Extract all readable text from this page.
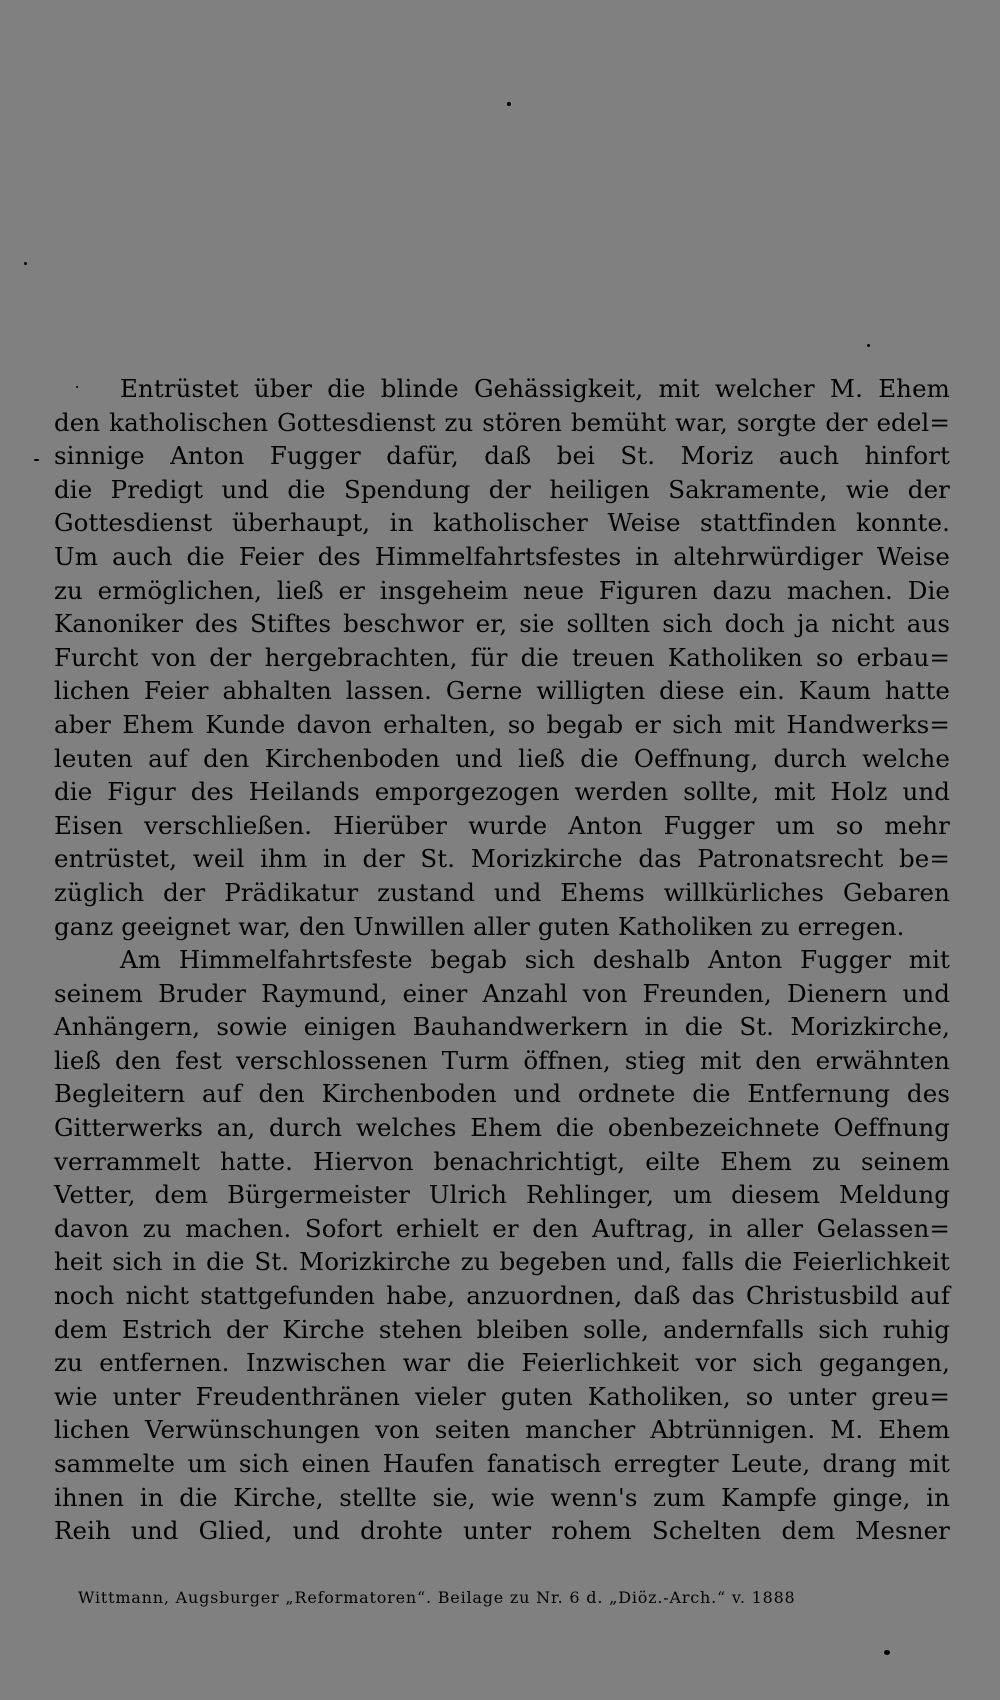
Entrüstet über die blinde Gehässigkeit, mit welcher M. Ehem
den katholischen Gottesdienst zu stören bemüht war, sorgte der edel=
sinnige Anton Fugger dafür, daß bei St. Moriz auch hinfort
die Predigt und die Spendung der heiligen Sakramente, wie der
Gottesdienst überhaupt, in katholischer Weise stattfinden konnte.
Um auch die Feier des Himmelfahrtsfestes in altehrwürdiger Weise
zu ermöglichen, ließ er insgeheim neue Figuren dazu machen. Die
Kanoniker des Stiftes beschwor er, sie sollten sich doch ja nicht aus
Furcht von der hergebrachten, für die treuen Katholiken so erbau=
lichen Feier abhalten lassen. Gerne willigten diese ein. Kaum hatte
aber Ehem Kunde davon erhalten, so begab er sich mit Handwerks=
leuten auf den Kirchenboden und ließ die Oeffnung, durch welche
die Figur des Heilands emporgezogen werden sollte, mit Holz und
Eisen verschließen. Hierüber wurde Anton Fugger um so mehr
entrüstet, weil ihm in der St. Morizkirche das Patronatsrecht be=
züglich der Prädikatur zustand und Ehems willkürliches Gebaren
ganz geeignet war, den Unwillen aller guten Katholiken zu erregen.
Am Himmelfahrtsfeste begab sich deshalb Anton Fugger mit
seinem Bruder Raymund, einer Anzahl von Freunden, Dienern und
Anhängern, sowie einigen Bauhandwerkern in die St. Morizkirche,
ließ den fest verschlossenen Turm öffnen, stieg mit den erwähnten
Begleitern auf den Kirchenboden und ordnete die Entfernung des
Gitterwerks an, durch welches Ehem die obenbezeichnete Oeffnung
verrammelt hatte. Hiervon benachrichtigt, eilte Ehem zu seinem
Vetter, dem Bürgermeister Ulrich Rehlinger, um diesem Meldung
davon zu machen. Sofort erhielt er den Auftrag, in aller Gelassen=
heit sich in die St. Morizkirche zu begeben und, falls die Feierlichkeit
noch nicht stattgefunden habe, anzuordnen, daß das Christusbild auf
dem Estrich der Kirche stehen bleiben solle, andernfalls sich ruhig
zu entfernen. Inzwischen war die Feierlichkeit vor sich gegangen,
wie unter Freudenthränen vieler guten Katholiken, so unter greu=
lichen Verwünschungen von seiten mancher Abtrünnigen. M. Ehem
sammelte um sich einen Haufen fanatisch erregter Leute, drang mit
ihnen in die Kirche, stellte sie, wie wenn's zum Kampfe ginge, in
Reih und Glied, und drohte unter rohem Schelten dem Mesner
Wittmann, Augsburger „Reformatoren“. Beilage zu Nr. 6 d. „Diöz.-Arch.“ v. 1888
